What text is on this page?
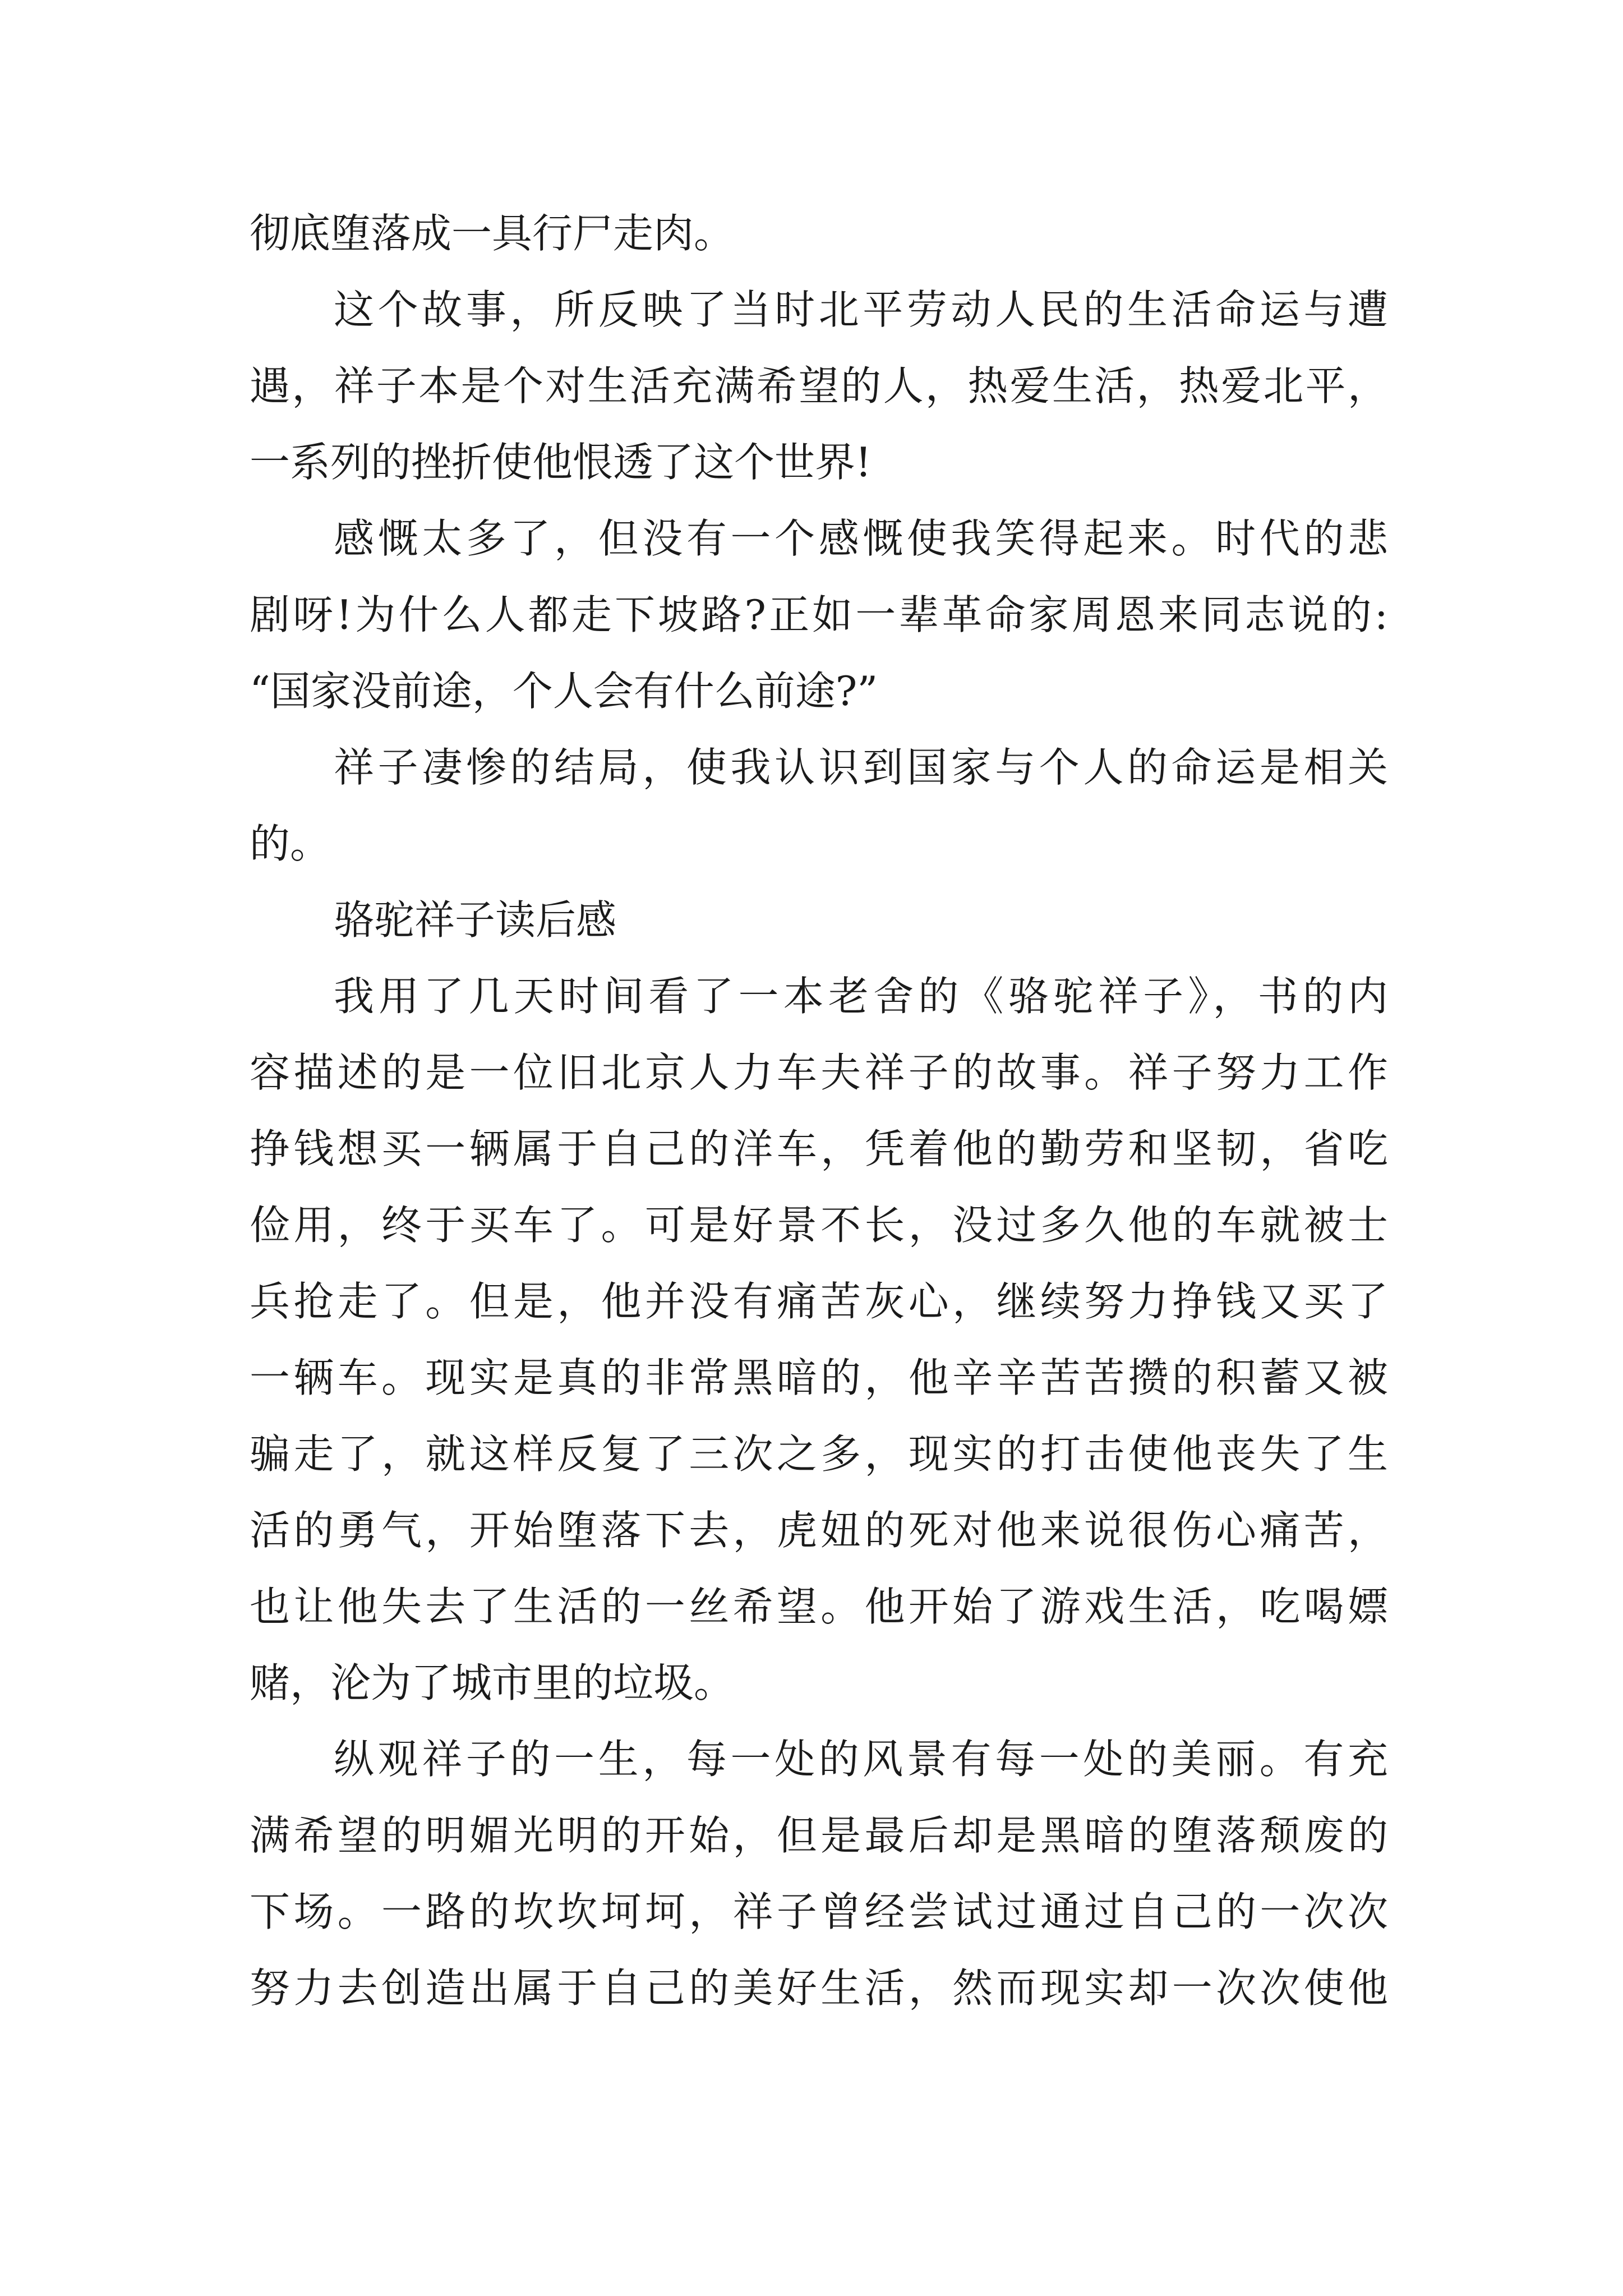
彻底堕落成一具行尸走肉。
这个故事，所反映了当时北平劳动人民的生活命运与遭
遇，祥子本是个对生活充满希望的人，热爱生活，热爱北平，
一系列的挫折使他恨透了这个世界!
感慨太多了，但没有一个感慨使我笑得起来。时代的悲
剧呀!为什么人都走下坡路?正如一辈革命家周恩来同志说的:
“国家没前途，个人会有什么前途?”
祥子凄惨的结局，使我认识到国家与个人的命运是相关
的。
骆驼祥子读后感
我用了几天时间看了一本老舍的《骆驼祥子》，书的内
容描述的是一位旧北京人力车夫祥子的故事。祥子努力工作
挣钱想买一辆属于自己的洋车，凭着他的勤劳和坚韧，省吃
俭用，终于买车了。可是好景不长，没过多久他的车就被士
兵抢走了。但是，他并没有痛苦灰心，继续努力挣钱又买了
一辆车。现实是真的非常黑暗的，他辛辛苦苦攒的积蓄又被
骗走了，就这样反复了三次之多，现实的打击使他丧失了生
活的勇气，开始堕落下去，虎妞的死对他来说很伤心痛苦，
也让他失去了生活的一丝希望。他开始了游戏生活，吃喝嫖
赌，沦为了城市里的垃圾。
纵观祥子的一生，每一处的风景有每一处的美丽。有充
满希望的明媚光明的开始，但是最后却是黑暗的堕落颓废的
下场。一路的坎坎坷坷，祥子曾经尝试过通过自己的一次次
努力去创造出属于自己的美好生活，然而现实却一次次使他
